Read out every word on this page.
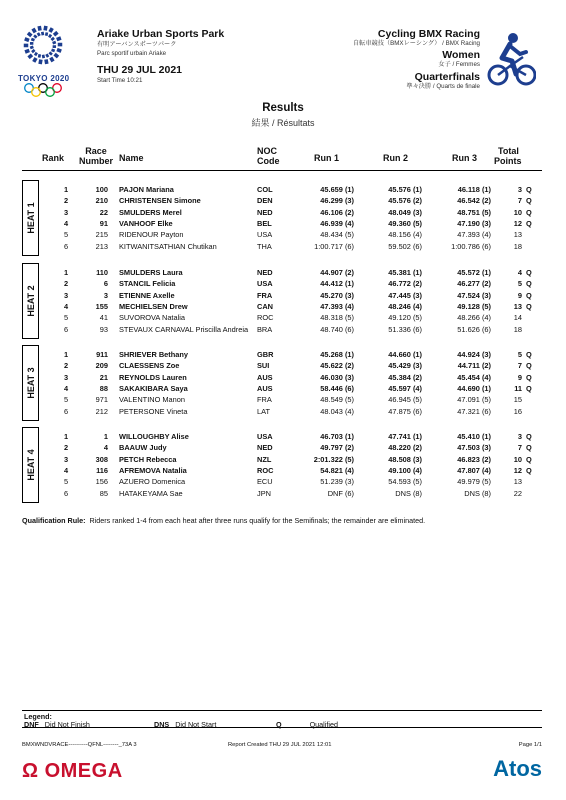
TOKYO 2020
Ariake Urban Sports Park
有明アーバンスポーツパーク
Parc sportif urbain Ariake
THU 29 JUL 2021
Start Time 10:21
Cycling BMX Racing
自転車競技（BMXレーシング） / BMX Racing
Women
女子 / Femmes
Quarterfinals
準々決勝 / Quarts de finale
Results
結果 / Résultats
Rank
Race
Number Name
NOC
Code	Run 1	Run 2	Run 3
Total
Points
HEAT 1
1	100 PAJON Mariana	COL	45.659 (1)	45.576 (1)	46.118 (1)	3 Q
2	210 CHRISTENSEN Simone	DEN	46.299 (3)	45.576 (2)	46.542 (2)	7 Q
3	22 SMULDERS Merel	NED	46.106 (2)	48.049 (3)	48.751 (5)	10 Q
4	91 VANHOOF Elke	BEL	46.939 (4)	49.360 (5)	47.190 (3)	12 Q
5	215 RIDENOUR Payton	USA	48.434 (5)	48.156 (4)	47.393 (4)	13
6	213 KITWANITSATHIAN Chutikan	THA	1:00.717 (6)	59.502 (6)	1:00.786 (6)	18
HEAT 2
1	110 SMULDERS Laura	NED	44.907 (2)	45.381 (1)	45.572 (1)	4 Q
2	6 STANCIL Felicia	USA	44.412 (1)	46.772 (2)	46.277 (2)	5 Q
3	3 ETIENNE Axelle	FRA	45.270 (3)	47.445 (3)	47.524 (3)	9 Q
4	155 MECHIELSEN Drew	CAN	47.393 (4)	48.246 (4)	49.128 (5)	13 Q
5	41 SUVOROVA Natalia	ROC	48.318 (5)	49.120 (5)	48.266 (4)	14
6	93 STEVAUX CARNAVAL Priscilla Andreia	BRA	48.740 (6)	51.336 (6)	51.626 (6)	18
HEAT 3
1	911 SHRIEVER Bethany	GBR	45.268 (1)	44.660 (1)	44.924 (3)	5 Q
2	209 CLAESSENS Zoe	SUI	45.622 (2)	45.429 (3)	44.711 (2)	7 Q
3	21 REYNOLDS Lauren	AUS	46.030 (3)	45.384 (2)	45.454 (4)	9 Q
4	88 SAKAKIBARA Saya	AUS	58.446 (6)	45.597 (4)	44.690 (1)	11 Q
5	971 VALENTINO Manon	FRA	48.549 (5)	46.945 (5)	47.091 (5)	15
6	212 PETERSONE Vineta	LAT	48.043 (4)	47.875 (6)	47.321 (6)	16
HEAT 4
1	1 WILLOUGHBY Alise	USA	46.703 (1)	47.741 (1)	45.410 (1)	3 Q
2	4 BAAUW Judy	NED	49.797 (2)	48.220 (2)	47.503 (3)	7 Q
3	308 PETCH Rebecca	NZL	2:01.322 (5)	48.508 (3)	46.823 (2)	10 Q
4	116 AFREMOVA Natalia	ROC	54.821 (4)	49.100 (4)	47.807 (4)	12 Q
5	156 AZUERO Domenica	ECU	51.239 (3)	54.593 (5)	49.979 (5)	13
6	85 HATAKEYAMA Sae	JPN	DNF (6)	DNS (8)	DNS (8)	22
Qualification Rule: Riders ranked 1-4 from each heat after three runs qualify for the Semifinals; the remainder are eliminated.
Legend:
DNF Did Not Finish	DNS Did Not Start	Q	Qualified
BMXWNDVRACE----------QFNL--------_73A 3	Report Created THU 29 JUL 2021 12:01	Page 1/1
Ω OMEGA	Atos
